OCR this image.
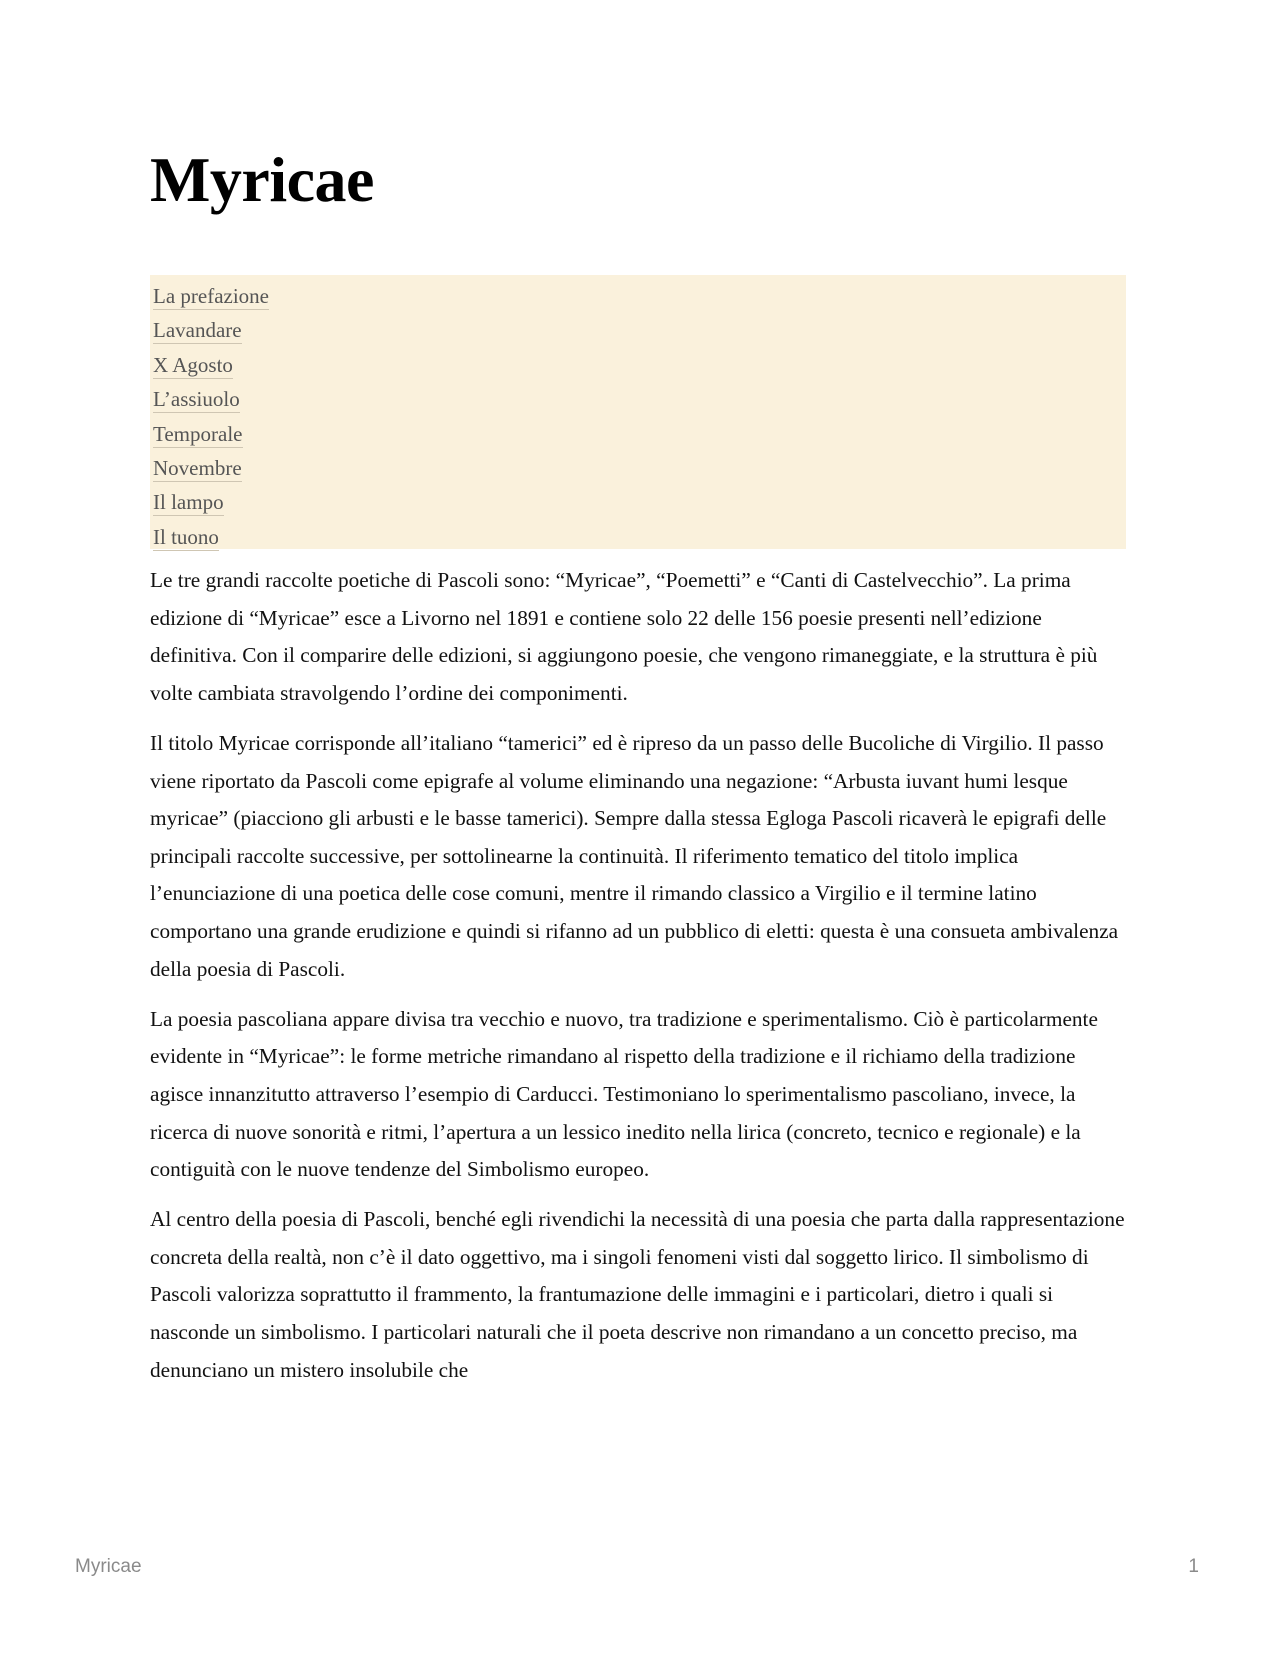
Myricae
La prefazione
Lavandare
X Agosto
L’assiuolo
Temporale
Novembre
Il lampo
Il tuono

Le tre grandi raccolte poetiche di Pascoli sono: “Myricae”, “Poemetti” e “Canti di Castelvecchio”. La prima edizione di “Myricae” esce a Livorno nel 1891 e contiene solo 22 delle 156 poesie presenti nell’edizione definitiva. Con il comparire delle edizioni, si aggiungono poesie, che vengono rimaneggiate, e la struttura è più volte cambiata stravolgendo l’ordine dei componimenti.

Il titolo Myricae corrisponde all’italiano “tamerici” ed è ripreso da un passo delle Bucoliche di Virgilio. Il passo viene riportato da Pascoli come epigrafe al volume eliminando una negazione: “Arbusta iuvant humi lesque myricae” (piacciono gli arbusti e le basse tamerici). Sempre dalla stessa Egloga Pascoli ricaverà le epigrafi delle principali raccolte successive, per sottolinearne la continuità. Il riferimento tematico del titolo implica l’enunciazione di una poetica delle cose comuni, mentre il rimando classico a Virgilio e il termine latino comportano una grande erudizione e quindi si rifanno ad un pubblico di eletti: questa è una consueta ambivalenza della poesia di Pascoli.

La poesia pascoliana appare divisa tra vecchio e nuovo, tra tradizione e sperimentalismo. Ciò è particolarmente evidente in “Myricae”: le forme metriche rimandano al rispetto della tradizione e il richiamo della tradizione agisce innanzitutto attraverso l’esempio di Carducci. Testimoniano lo sperimentalismo pascoliano, invece, la ricerca di nuove sonorità e ritmi, l’apertura a un lessico inedito nella lirica (concreto, tecnico e regionale) e la contiguità con le nuove tendenze del Simbolismo europeo.

Al centro della poesia di Pascoli, benché egli rivendichi la necessità di una poesia che parta dalla rappresentazione concreta della realtà, non c’è il dato oggettivo, ma i singoli fenomeni visti dal soggetto lirico. Il simbolismo di Pascoli valorizza soprattutto il frammento, la frantumazione delle immagini e i particolari, dietro i quali si nasconde un simbolismo. I particolari naturali che il poeta descrive non rimandano a un concetto preciso, ma denunciano un mistero insolubile che

Myricae	1
